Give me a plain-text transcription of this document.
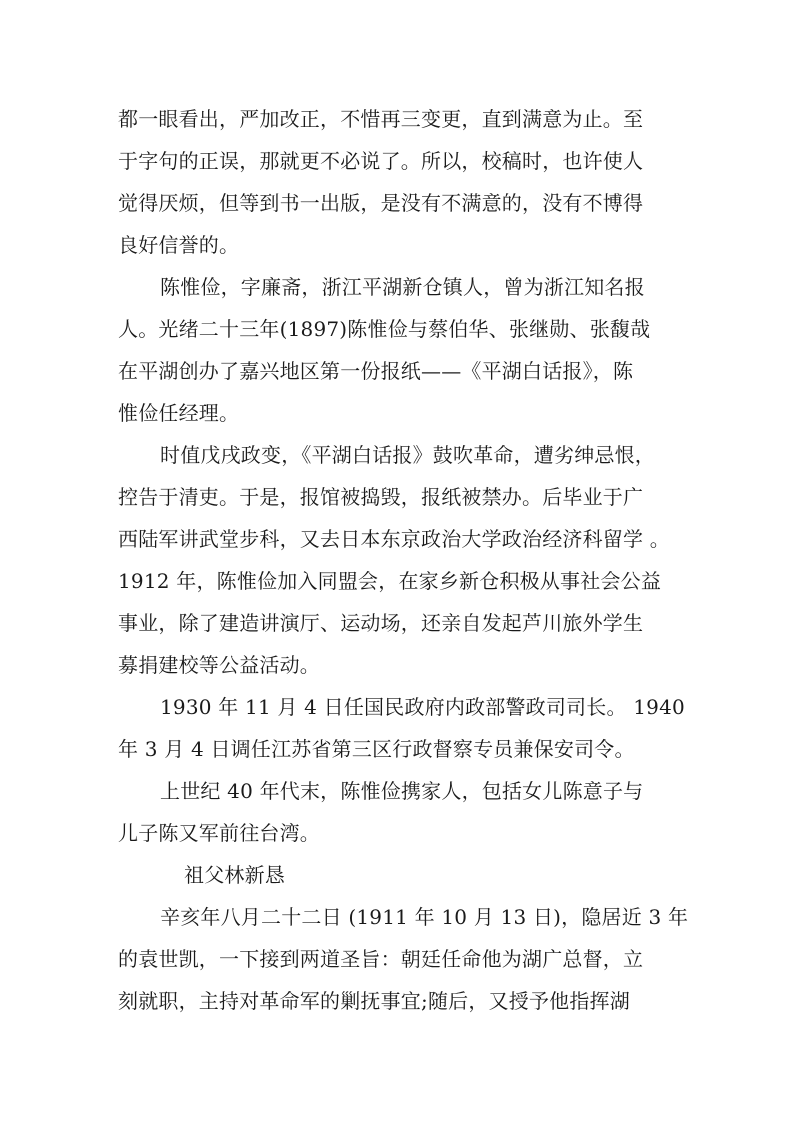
都一眼看出，严加改正，不惜再三变更，直到满意为止。至
于字句的正误，那就更不必说了。所以，校稿时，也许使人
觉得厌烦，但等到书一出版，是没有不满意的，没有不博得
良好信誉的。
陈惟俭，字廉斋，浙江平湖新仓镇人，曾为浙江知名报
人。光绪二十三年(1897)陈惟俭与蔡伯华、张继勋、张馥哉
在平湖创办了嘉兴地区第一份报纸——《平湖白话报》，陈
惟俭任经理。
时值戊戌政变，《平湖白话报》鼓吹革命，遭劣绅忌恨，
控告于清吏。于是，报馆被捣毁，报纸被禁办。后毕业于广
西陆军讲武堂步科，又去日本东京政治大学政治经济科留学 。
1912 年，陈惟俭加入同盟会，在家乡新仓积极从事社会公益
事业，除了建造讲演厅、运动场，还亲自发起芦川旅外学生
募捐建校等公益活动。
1930 年 11 月 4 日任国民政府内政部警政司司长。 1940
年 3 月 4 日调任江苏省第三区行政督察专员兼保安司令。
上世纪 40 年代末，陈惟俭携家人，包括女儿陈意子与
儿子陈又军前往台湾。
祖父林新恳
辛亥年八月二十二日 (1911 年 10 月 13 日)，隐居近 3 年
的袁世凯，一下接到两道圣旨：朝廷任命他为湖广总督，立
刻就职，主持对革命军的剿抚事宜;随后，又授予他指挥湖
